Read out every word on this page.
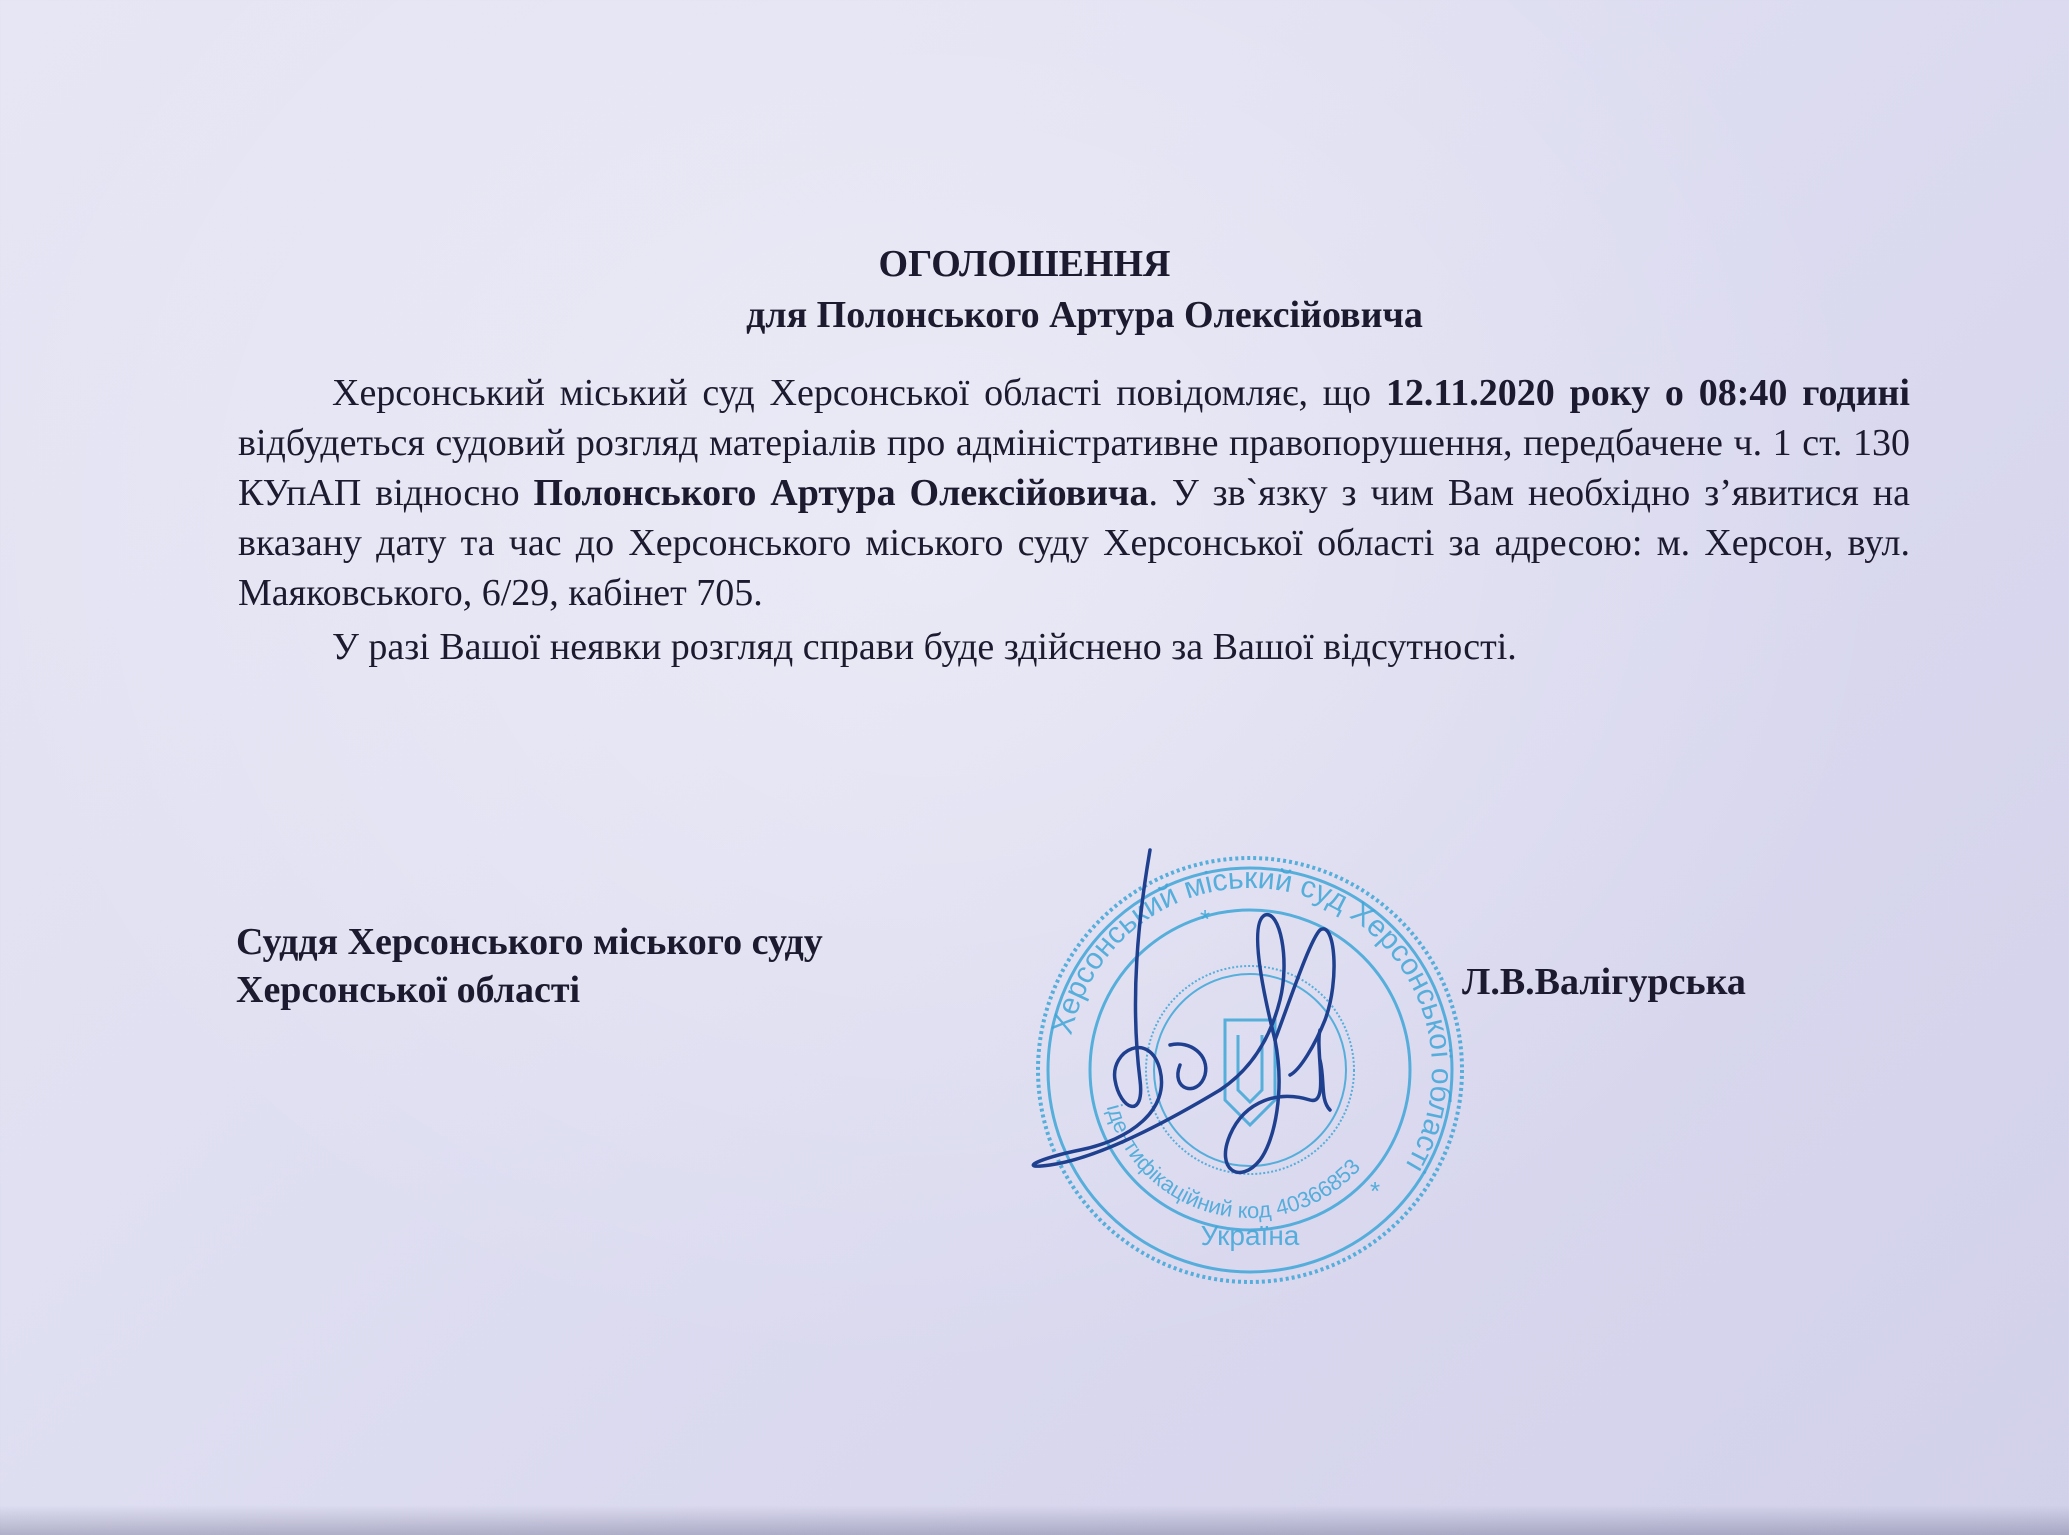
ОГОЛОШЕННЯ
для Полонського Артура Олексійовича

Херсонський міський суд Херсонської області повідомляє, що 12.11.2020 року о 08:40 годині відбудеться судовий розгляд матеріалів про адміністративне правопорушення, передбачене ч. 1 ст. 130 КУпАП відносно Полонського Артура Олексійовича. У зв`язку з чим Вам необхідно з’явитися на вказану дату та час до Херсонського міського суду Херсонської області за адресою: м. Херсон, вул. Маяковського, 6/29, кабінет 705.

У разі Вашої неявки розгляд справи буде здійснено за Вашої відсутності.

Суддя Херсонського міського суду
Херсонської області	Л.В.Валігурська
Херсонський міський суд Херсонської області
ідентифікаційний код 40366853
Україна
*
*
